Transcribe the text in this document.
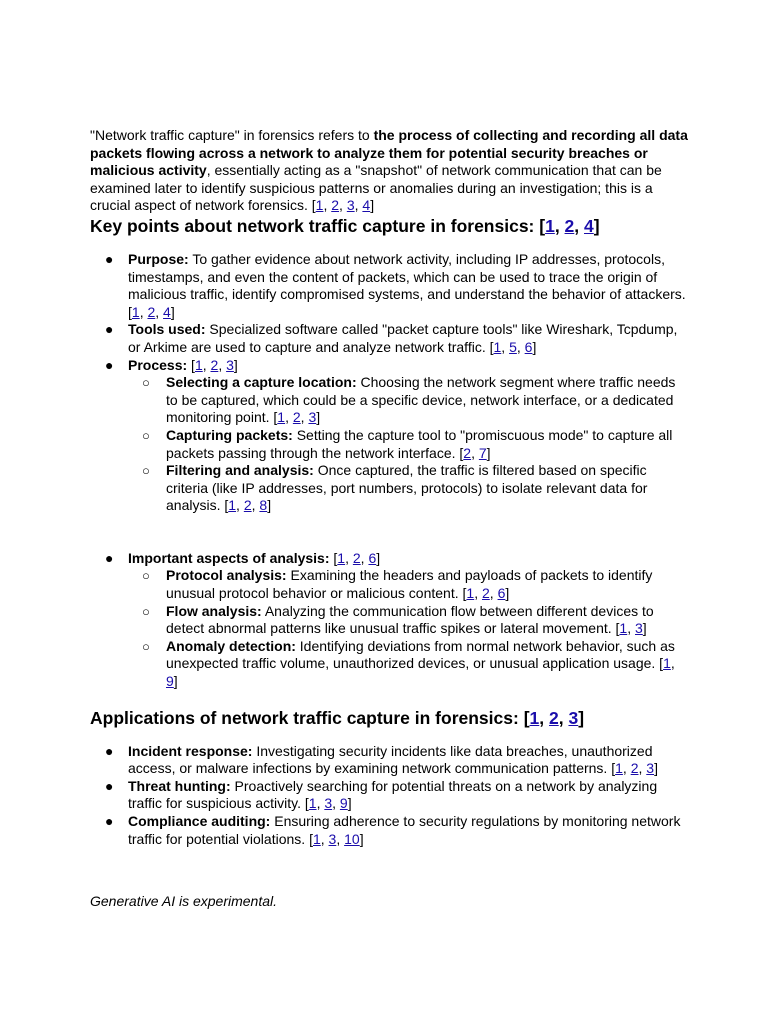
"Network traffic capture" in forensics refers to the process of collecting and recording all data packets flowing across a network to analyze them for potential security breaches or malicious activity, essentially acting as a "snapshot" of network communication that can be examined later to identify suspicious patterns or anomalies during an investigation; this is a crucial aspect of network forensics. [1, 2, 3, 4]

Key points about network traffic capture in forensics: [1, 2, 4]
● Purpose: To gather evidence about network activity, including IP addresses, protocols, timestamps, and even the content of packets, which can be used to trace the origin of malicious traffic, identify compromised systems, and understand the behavior of attackers. [1, 2, 4]
● Tools used: Specialized software called "packet capture tools" like Wireshark, Tcpdump, or Arkime are used to capture and analyze network traffic. [1, 5, 6]
● Process: [1, 2, 3]
○ Selecting a capture location: Choosing the network segment where traffic needs to be captured, which could be a specific device, network interface, or a dedicated monitoring point. [1, 2, 3]
○ Capturing packets: Setting the capture tool to "promiscuous mode" to capture all packets passing through the network interface. [2, 7]
○ Filtering and analysis: Once captured, the traffic is filtered based on specific criteria (like IP addresses, port numbers, protocols) to isolate relevant data for analysis. [1, 2, 8]
● Important aspects of analysis: [1, 2, 6]
○ Protocol analysis: Examining the headers and payloads of packets to identify unusual protocol behavior or malicious content. [1, 2, 6]
○ Flow analysis: Analyzing the communication flow between different devices to detect abnormal patterns like unusual traffic spikes or lateral movement. [1, 3]
○ Anomaly detection: Identifying deviations from normal network behavior, such as unexpected traffic volume, unauthorized devices, or unusual application usage. [1, 9]
Applications of network traffic capture in forensics: [1, 2, 3]
● Incident response: Investigating security incidents like data breaches, unauthorized access, or malware infections by examining network communication patterns. [1, 2, 3]
● Threat hunting: Proactively searching for potential threats on a network by analyzing traffic for suspicious activity. [1, 3, 9]
● Compliance auditing: Ensuring adherence to security regulations by monitoring network traffic for potential violations. [1, 3, 10]
Generative AI is experimental.
